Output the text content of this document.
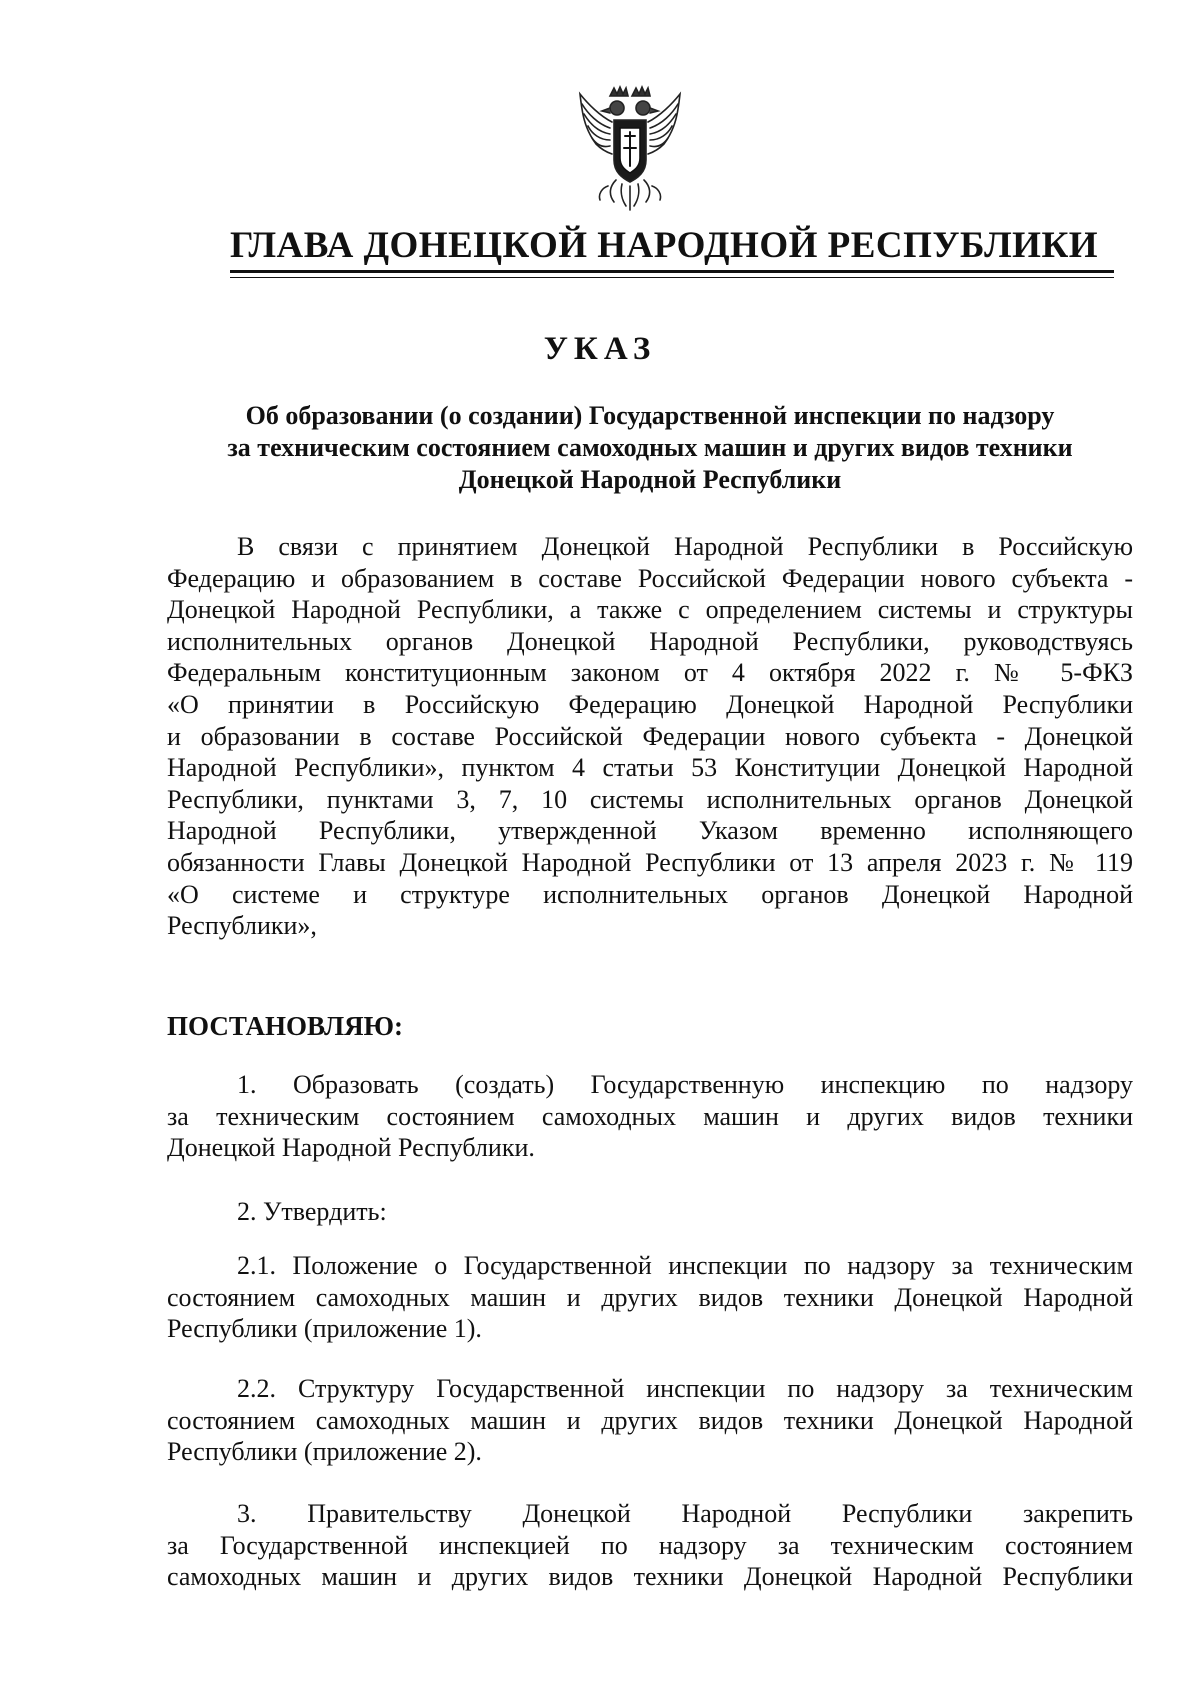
ГЛАВА ДОНЕЦКОЙ НАРОДНОЙ РЕСПУБЛИКИ
УКАЗ
Об образовании (о создании) Государственной инспекции по надзору
за техническим состоянием самоходных машин и других видов техники
Донецкой Народной Республики
В связи с принятием Донецкой Народной Республики в Российскую
Федерацию и образованием в составе Российской Федерации нового субъекта -
Донецкой Народной Республики, а также с определением системы и структуры
исполнительных органов Донецкой Народной Республики, руководствуясь
Федеральным конституционным законом от 4 октября 2022 г. № 5-ФКЗ
«О принятии в Российскую Федерацию Донецкой Народной Республики
и образовании в составе Российской Федерации нового субъекта - Донецкой
Народной Республики», пунктом 4 статьи 53 Конституции Донецкой Народной
Республики, пунктами 3, 7, 10 системы исполнительных органов Донецкой
Народной Республики, утвержденной Указом временно исполняющего
обязанности Главы Донецкой Народной Республики от 13 апреля 2023 г. № 119
«О системе и структуре исполнительных органов Донецкой Народной
Республики»,
ПОСТАНОВЛЯЮ:
1. Образовать (создать) Государственную инспекцию по надзору
за техническим состоянием самоходных машин и других видов техники
Донецкой Народной Республики.
2. Утвердить:
2.1. Положение о Государственной инспекции по надзору за техническим
состоянием самоходных машин и других видов техники Донецкой Народной
Республики (приложение 1).
2.2. Структуру Государственной инспекции по надзору за техническим
состоянием самоходных машин и других видов техники Донецкой Народной
Республики (приложение 2).
3. Правительству Донецкой Народной Республики закрепить
за Государственной инспекцией по надзору за техническим состоянием
самоходных машин и других видов техники Донецкой Народной Республики
